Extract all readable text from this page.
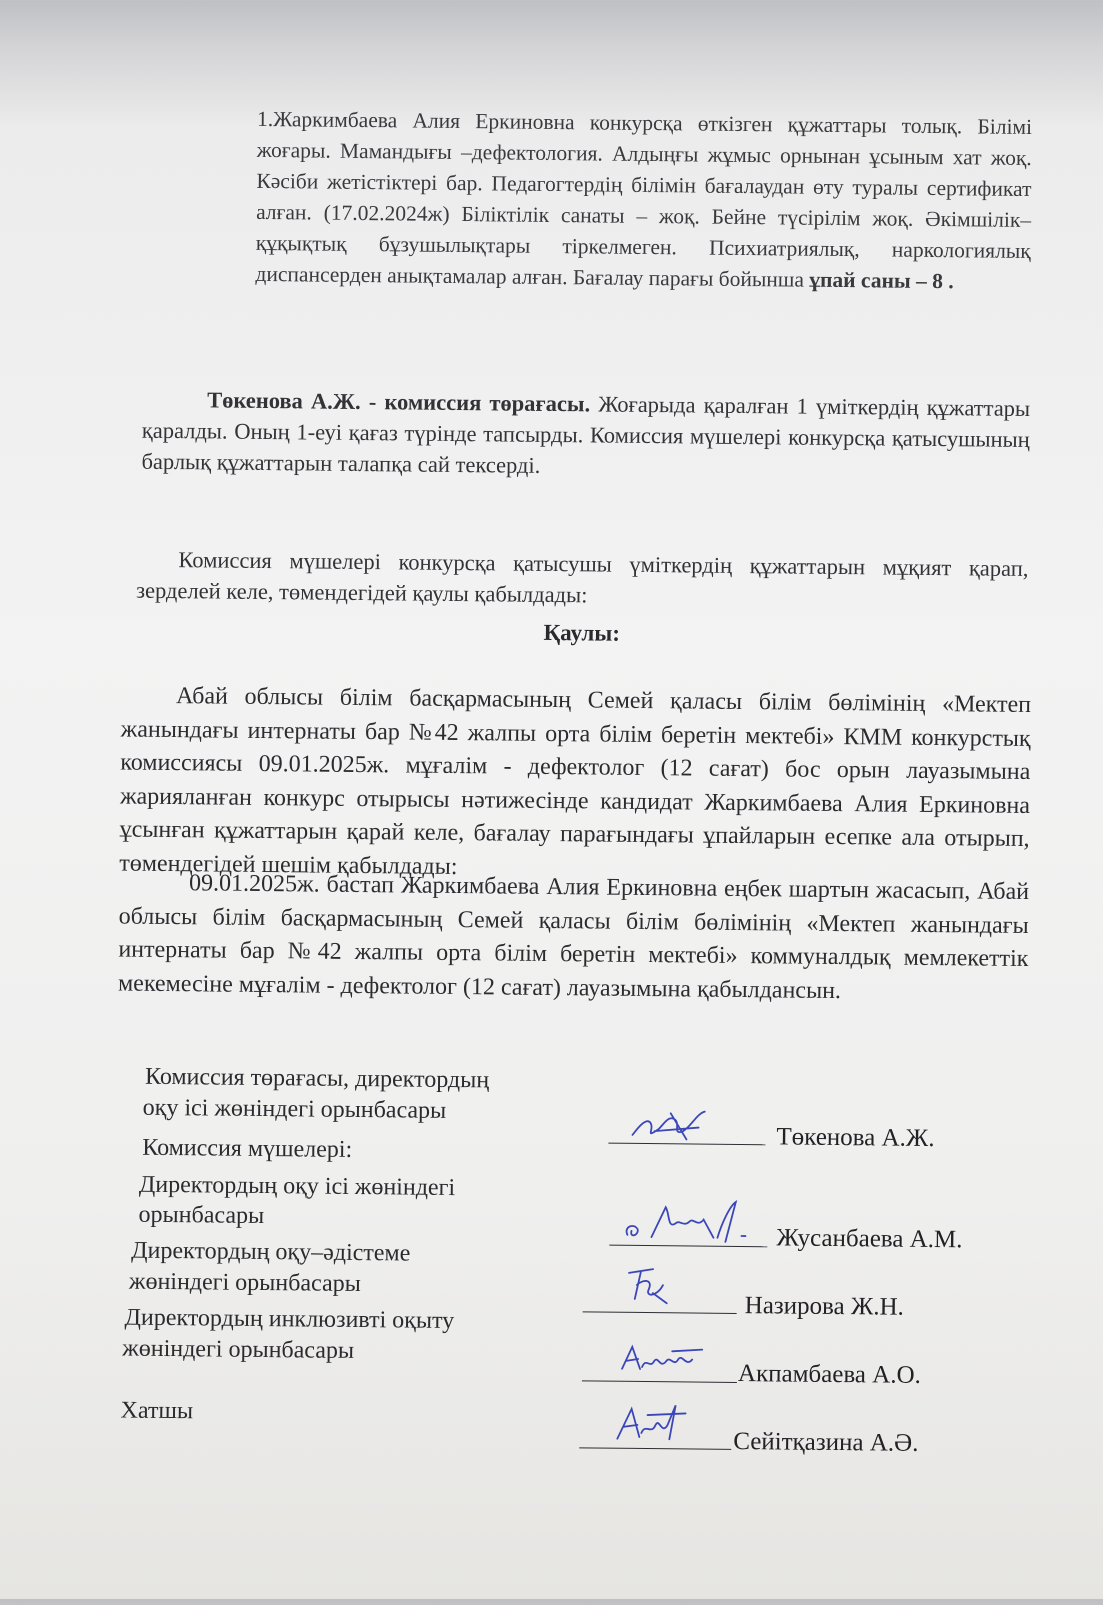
1.Жаркимбаева Алия Еркиновна конкурсқа өткізген құжаттары толық. Білімі жоғары. Мамандығы –дефектология. Алдыңғы жұмыс орнынан ұсыным хат жоқ. Кәсіби жетістіктері бар. Педагогтердің білімін бағалаудан өту туралы сертификат алған. (17.02.2024ж) Біліктілік санаты – жоқ. Бейне түсірілім жоқ. Әкімшілік–құқықтық бұзушылықтары тіркелмеген. Психиатриялық, наркологиялық диспансерден анықтамалар алған. Бағалау парағы бойынша ұпай саны – 8 .

Төкенова А.Ж. - комиссия төрағасы. Жоғарыда қаралған 1 үміткердің құжаттары қаралды. Оның 1-еуі қағаз түрінде тапсырды. Комиссия мүшелері конкурсқа қатысушының барлық құжаттарын талапқа сай тексерді.

Комиссия мүшелері конкурсқа қатысушы үміткердің құжаттарын мұқият қарап, зерделей келе, төмендегідей қаулы қабылдады:

Қаулы:

Абай облысы білім басқармасының Семей қаласы білім бөлімінің «Мектеп жанындағы интернаты бар №42 жалпы орта білім беретін мектебі» КММ конкурстық комиссиясы 09.01.2025ж. мұғалім - дефектолог (12 сағат) бос орын лауазымына жарияланған конкурс отырысы нәтижесінде кандидат Жаркимбаева Алия Еркиновна ұсынған құжаттарын қарай келе, бағалау парағындағы ұпайларын есепке ала отырып, төмендегідей шешім қабылдады:

09.01.2025ж. бастап Жаркимбаева Алия Еркиновна еңбек шартын жасасып, Абай облысы білім басқармасының Семей қаласы білім бөлімінің «Мектеп жанындағы интернаты бар №42 жалпы орта білім беретін мектебі» коммуналдық мемлекеттік мекемесіне мұғалім - дефектолог (12 сағат) лауазымына қабылдансын.

Комиссия төрағасы, директордың

оқу ісі жөніндегі орынбасары

Төкенова А.Ж.

Комиссия мүшелері:

Директордың оқу ісі жөніндегі

орынбасары

Жусанбаева А.М.

Директордың оқу–әдістеме

жөніндегі орынбасары

Назирова Ж.Н.

Директордың инклюзивті оқыту

жөніндегі орынбасары

Акпамбаева А.О.

Хатшы

Сейітқазина А.Ә.
